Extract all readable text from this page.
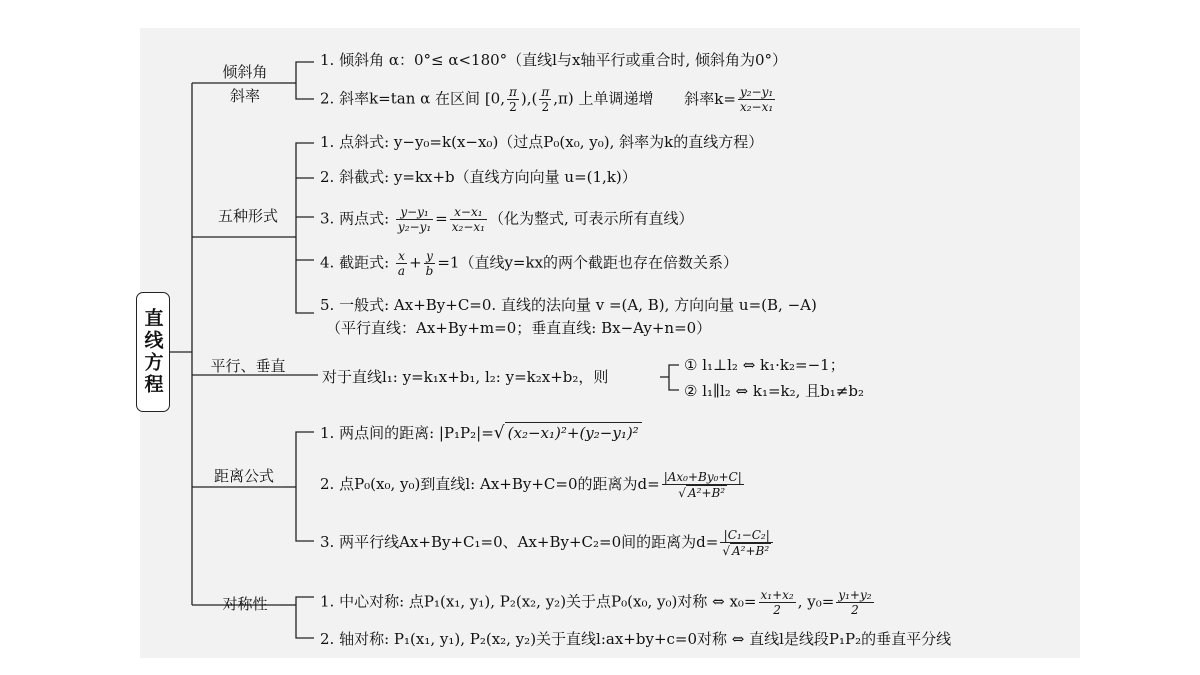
直线方程
倾斜角
斜率
五种形式
平行、垂直
距离公式
对称性
1. 倾斜角 α：0°≤ α<180°（直线l与x轴平行或重合时, 倾斜角为0°）
2. 斜率k=tan α 在区间 [0, $\frac{\pi}{2}$ ),( $\frac{\pi}{2} ,\pi$) 上单调递增 斜率$k= \frac{\text{y₂−y₁}}{\text{x₂−x₁}}$
1. 点斜式: y−y₀=k(x−x₀)（过点P₀(x₀, y₀), 斜率为k的直线方程）
2. 斜截式: y=kx+b（直线方向向量 u=(1,k)）
3. 两点式: $\frac{\text{y−y₁}}{\text{y₂−y₁}} = \frac{\text{x−x₁}}{\text{x₂−x₁}}$ （化为整式, 可表示所有直线）
4. 截距式: $\frac{x}{a} + \frac{y}{b} =1$（直线y=kx的两个截距也存在倍数关系）
5. 一般式: Ax+By+C=0. 直线的法向量 v =(A, B), 方向向量 u=(B, −A)
（平行直线：Ax+By+m=0；垂直直线: Bx−Ay+n=0）
对于直线l₁: y=k₁x+b₁, l₂: y=k₂x+b₂，则
① l₁⊥l₂ ⇔ k₁·k₂=−1；
② l₁∥l₂ ⇔ k₁=k₂, 且b₁≠b₂
1. 两点间的距离: |P₁P₂|=√ (x₂−x₁)²+(y₂−y₁)²
2. 点P₀(x₀, y₀)到直线l: Ax+By+C=0的距离为$d= \frac{\text{|Ax₀+By₀+C|}}{\text{√ A²+B²}}$
3. 两平行线Ax+By+C₁=0、Ax+By+C₂=0间的距离为$d= \frac{\text{|C₁−C₂|}}{\text{√ A²+B²}}$
1. 中心对称: 点P₁(x₁, y₁), P₂(x₂, y₂)关于点P₀(x₀, y₀)对称 ⇔ $x_0= \frac{\text{x₁+x₂}}{2}$ , $y_0= \frac{\text{y₁+y₂}}{2}$
2. 轴对称: P₁(x₁, y₁), P₂(x₂, y₂)关于直线l:ax+by+c=0对称 ⇔ 直线l是线段P₁P₂的垂直平分线
